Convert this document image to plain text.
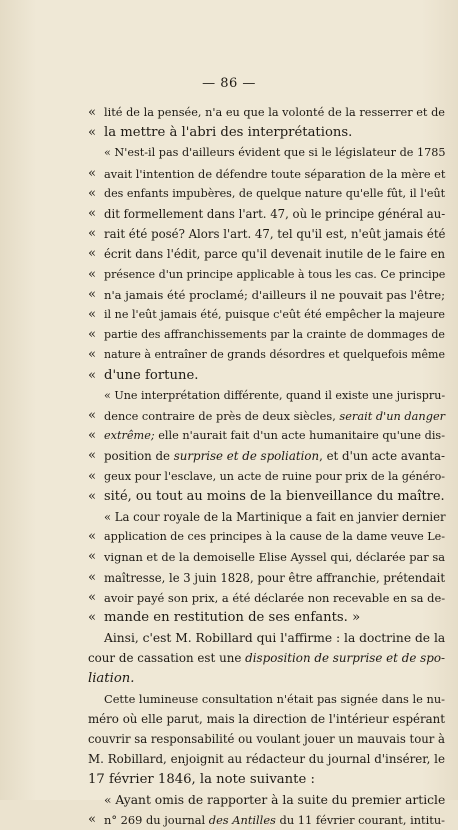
— 86 —
« lité de la pensée, n'a eu que la volonté de la resserrer et de
« la mettre à l'abri des interprétations.
« N'est-il pas d'ailleurs évident que si le législateur de 1785
« avait l'intention de défendre toute séparation de la mère et
« des enfants impubères, de quelque nature qu'elle fût, il l'eût
« dit formellement dans l'art. 47, où le principe général au-
« rait été posé? Alors l'art. 47, tel qu'il est, n'eût jamais été
« écrit dans l'édit, parce qu'il devenait inutile de le faire en
« présence d'un principe applicable à tous les cas. Ce principe
« n'a jamais été proclamé; d'ailleurs il ne pouvait pas l'être;
« il ne l'eût jamais été, puisque c'eût été empêcher la majeure
« partie des affranchissements par la crainte de dommages de
« nature à entraîner de grands désordres et quelquefois même
« d'une fortune.
« Une interprétation différente, quand il existe une jurispru-
« dence contraire de près de deux siècles, serait d'un danger
« extrême; elle n'aurait fait d'un acte humanitaire qu'une dis-
« position de surprise et de spoliation, et d'un acte avanta-
« geux pour l'esclave, un acte de ruine pour prix de la généro-
« sité, ou tout au moins de la bienveillance du maître.
« La cour royale de la Martinique a fait en janvier dernier
« application de ces principes à la cause de la dame veuve Le-
« vignan et de la demoiselle Elise Ayssel qui, déclarée par sa
« maîtresse, le 3 juin 1828, pour être affranchie, prétendait
« avoir payé son prix, a été déclarée non recevable en sa de-
« mande en restitution de ses enfants. »
Ainsi, c'est M. Robillard qui l'affirme : la doctrine de la
cour de cassation est une disposition de surprise et de spo-
liation.
Cette lumineuse consultation n'était pas signée dans le nu-
méro où elle parut, mais la direction de l'intérieur espérant
couvrir sa responsabilité ou voulant jouer un mauvais tour à
M. Robillard, enjoignit au rédacteur du journal d'insérer, le
17 février 1846, la note suivante :
« Ayant omis de rapporter à la suite du premier article
« n° 269 du journal des Antilles du 11 février courant, intitu-
